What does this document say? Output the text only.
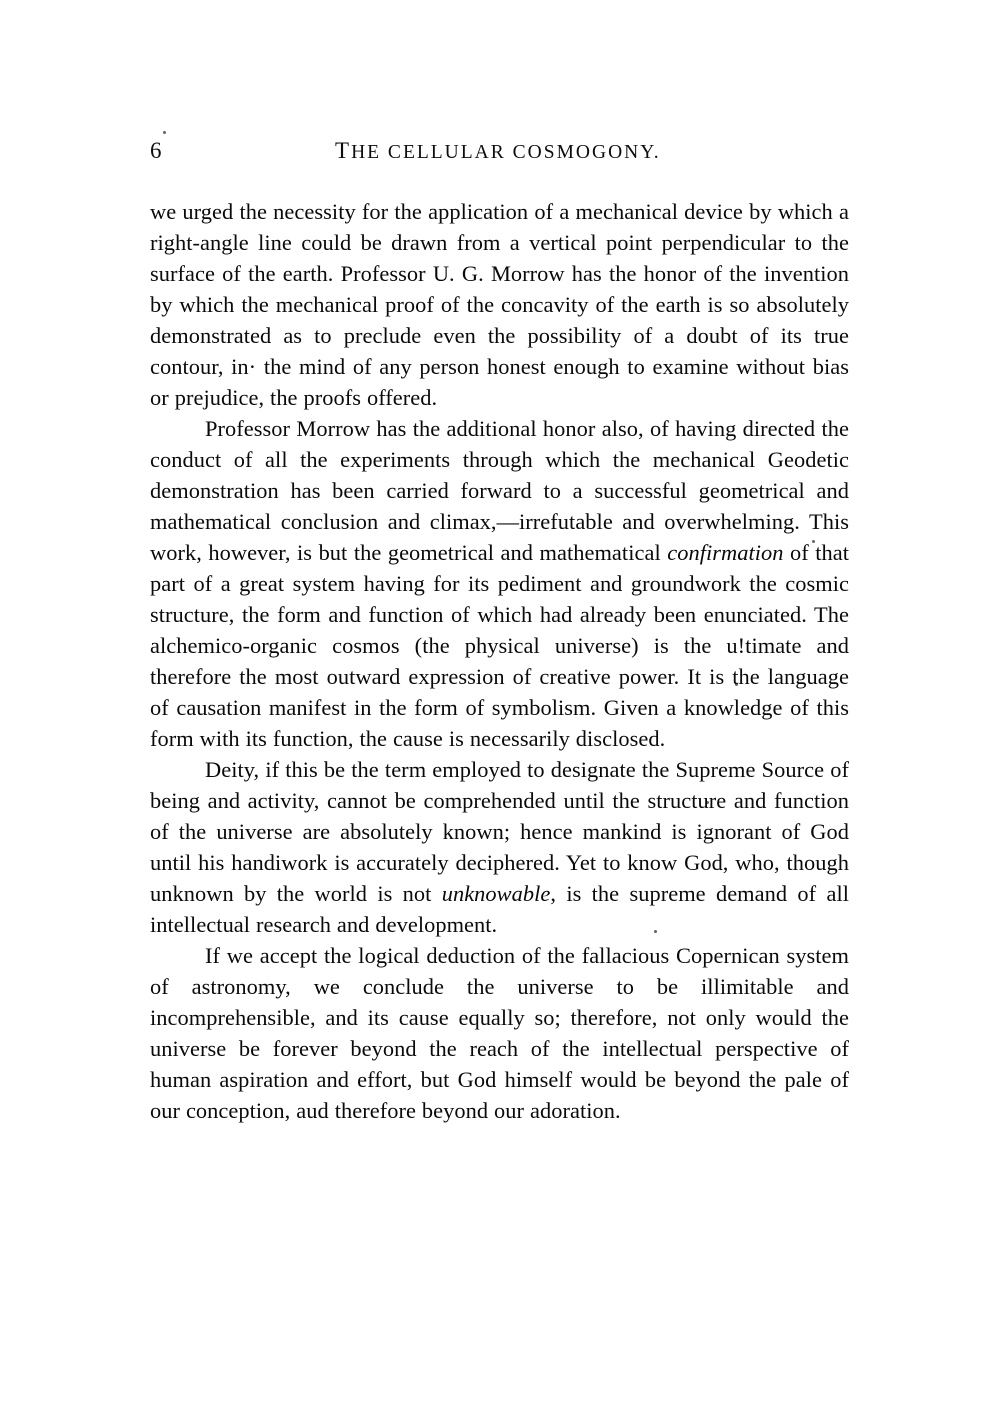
6	THE CELLULAR COSMOGONY.

we urged the necessity for the application of a mechanical device by which a right-angle line could be drawn from a vertical point perpendicular to the surface of the earth. Professor U. G. Morrow has the honor of the invention by which the mechanical proof of the concavity of the earth is so absolutely demonstrated as to preclude even the possibility of a doubt of its true contour, in· the mind of any person honest enough to examine without bias or prejudice, the proofs offered.

Professor Morrow has the additional honor also, of having directed the conduct of all the experiments through which the mechanical Geodetic demonstration has been carried forward to a successful geometrical and mathematical conclusion and climax,—irrefutable and overwhelming. This work, however, is but the geometrical and mathematical confirmation of that part of a great system having for its pediment and groundwork the cosmic structure, the form and function of which had already been enunciated. The alchemico-organic cosmos (the physical universe) is the u!timate and therefore the most outward expression of creative power. It is the language of causation manifest in the form of symbolism. Given a knowledge of this form with its function, the cause is necessarily disclosed.

Deity, if this be the term employed to designate the Supreme Source of being and activity, cannot be comprehended until the structure and function of the universe are absolutely known; hence mankind is ignorant of God until his handiwork is accurately deciphered. Yet to know God, who, though unknown by the world is not unknowable, is the supreme demand of all intellectual research and development.

If we accept the logical deduction of the fallacious Copernican system of astronomy, we conclude the universe to be illimitable and incomprehensible, and its cause equally so; therefore, not only would the universe be forever beyond the reach of the intellectual perspective of human aspiration and effort, but God himself would be beyond the pale of our conception, aud therefore beyond our adoration.
